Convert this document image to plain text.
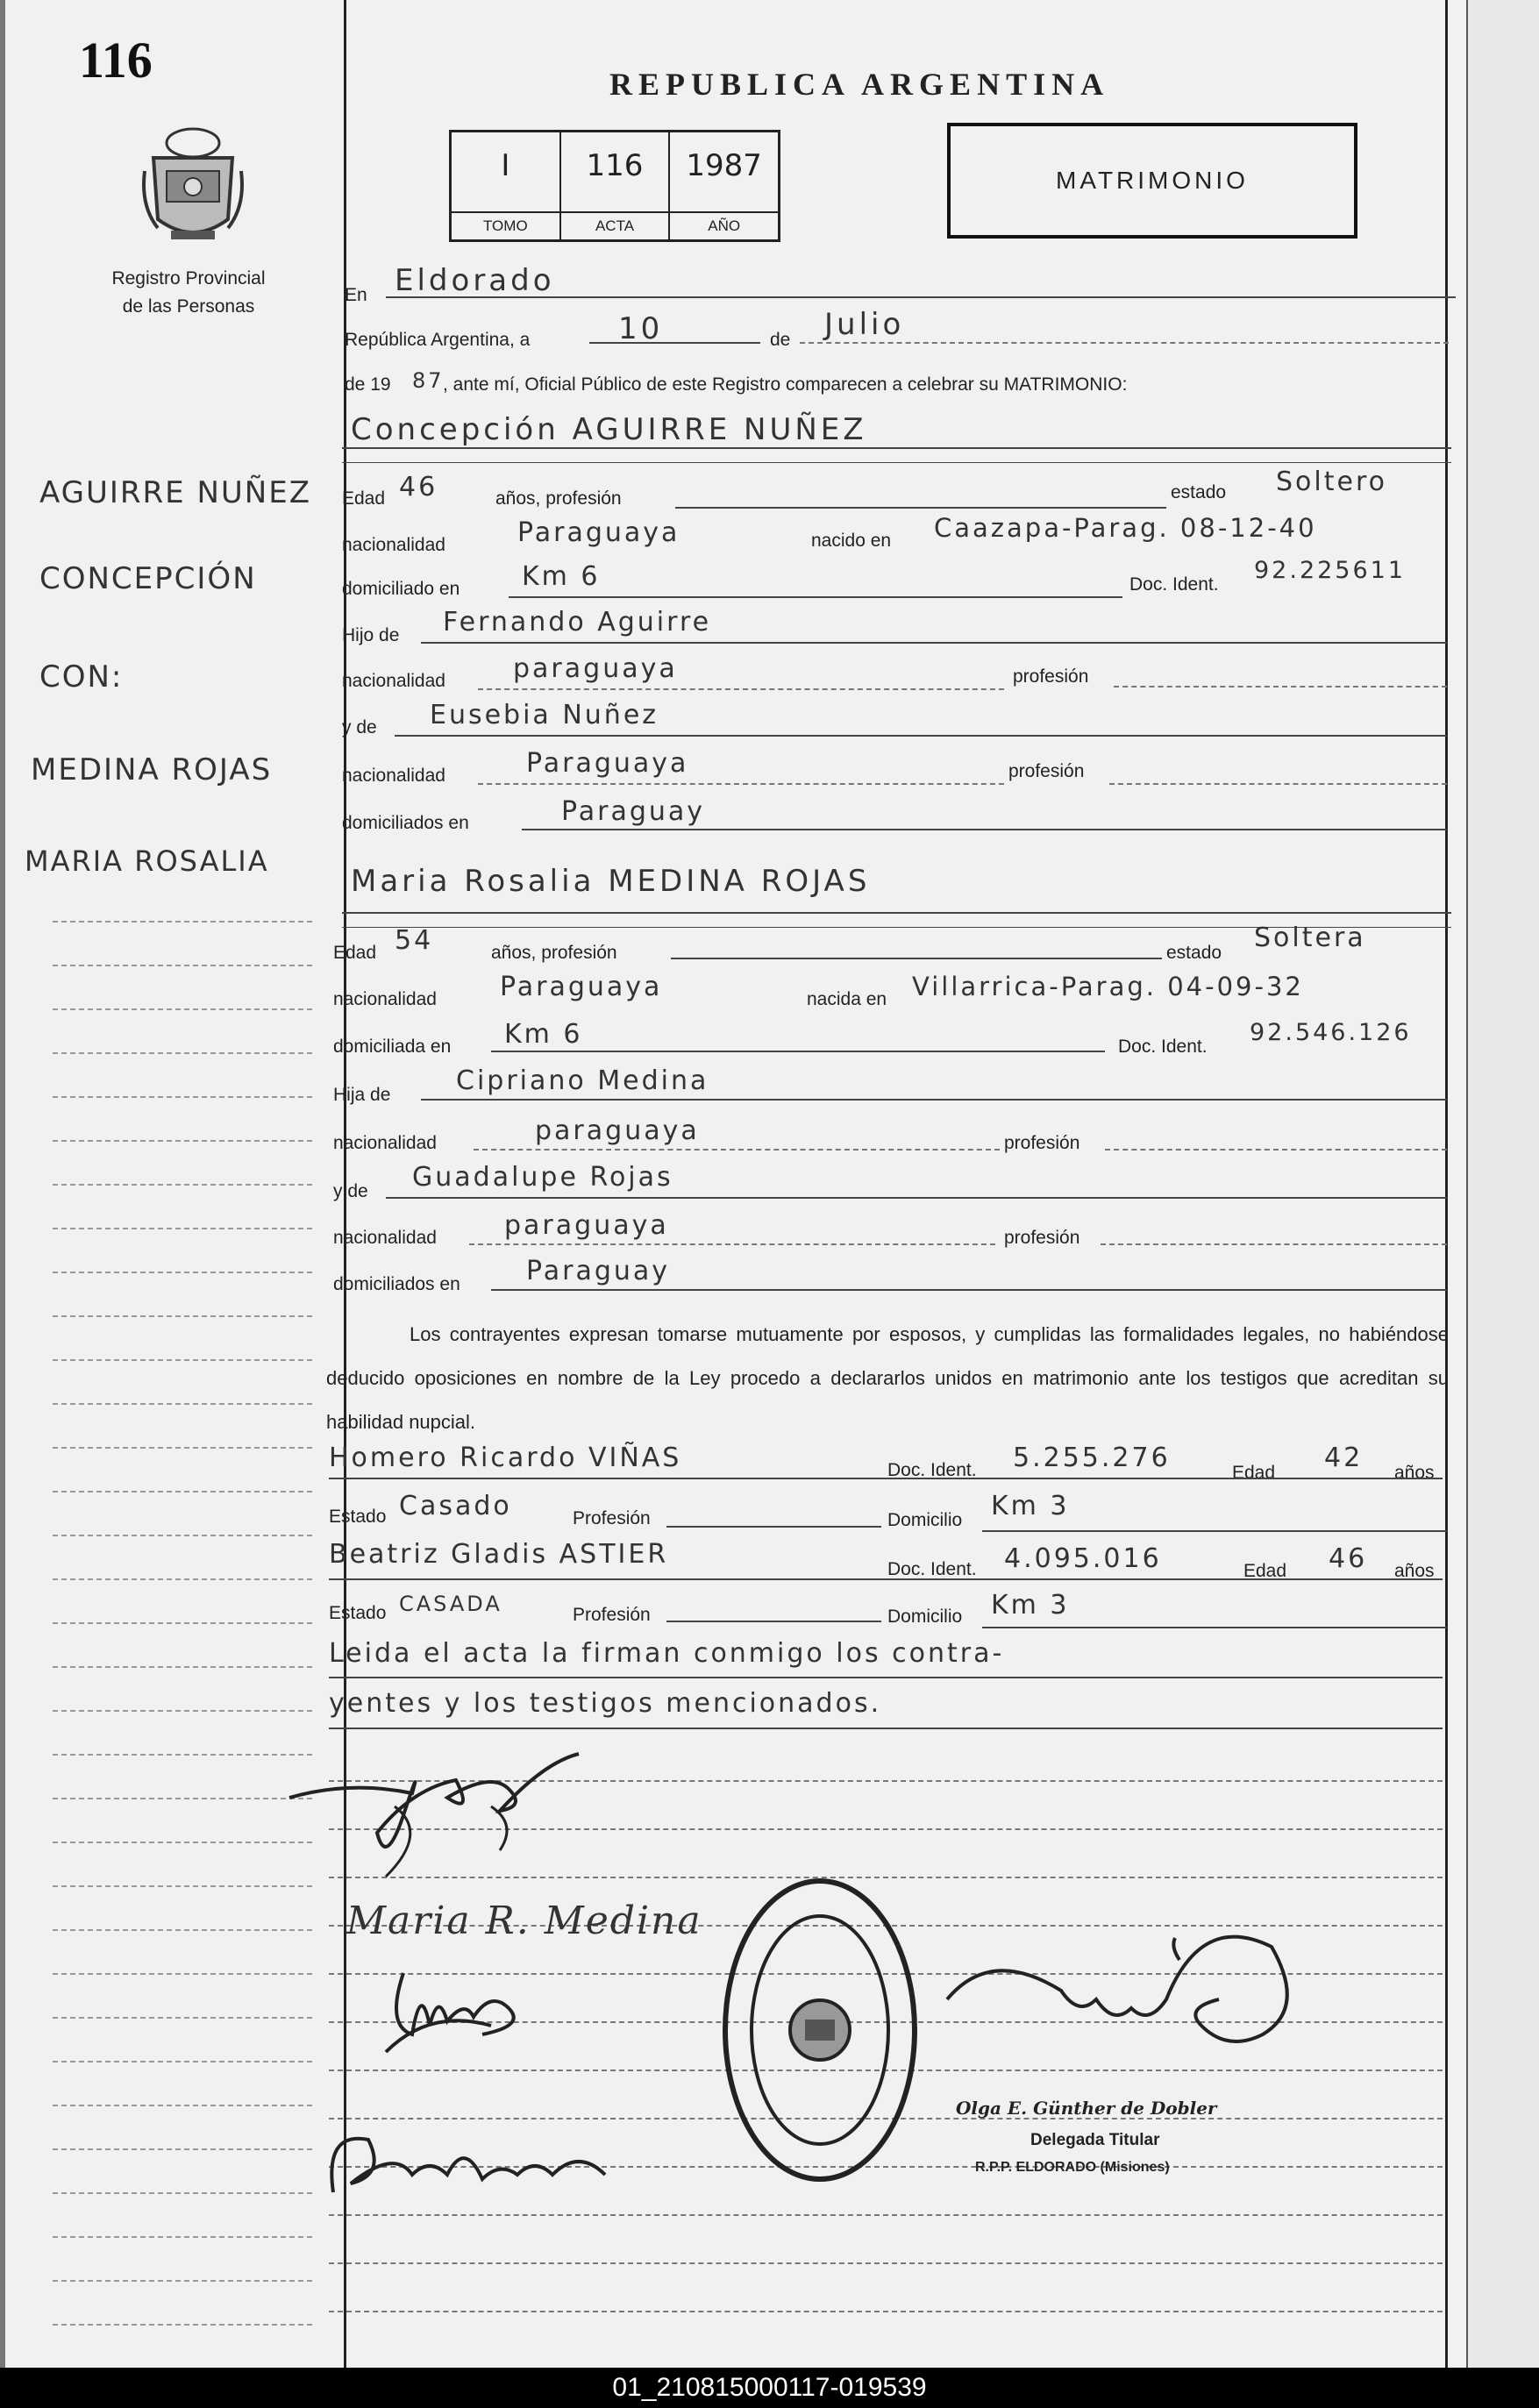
116
Registro Provincial
de las Personas
REPUBLICA ARGENTINA
I
TOMO
116
ACTA
1987
AÑO
MATRIMONIO
AGUIRRE NUÑEZ
CONCEPCIÓN
CON:
MEDINA ROJAS
MARIA ROSALIA
En Eldorado
República Argentina, a	10	de Julio
de 19 87
, ante mí, Oficial Público de este Registro comparecen a celebrar su MATRIMONIO:
Concepción AGUIRRE NUÑEZ
Edad 46	años, profesión	estado Soltero
nacionalidad	Paraguaya	nacido en Caazapa-Parag. 08-12-40
domiciliado en Km 6	Doc. Ident.
92.225611
Hijo de Fernando Aguirre
nacionalidad	paraguaya	profesión
y de Eusebia Nuñez
nacionalidad	Paraguaya	profesión
domiciliados en	Paraguay
Maria Rosalia MEDINA ROJAS
Edad 54	años, profesión	estado Soltera
nacionalidad Paraguaya	nacida en Villarrica-Parag. 04-09-32
domiciliada en Km 6	Doc. Ident.
92.546.126
Hija de Cipriano Medina
nacionalidad	paraguaya	profesión
y de Guadalupe Rojas
nacionalidad	paraguaya	profesión
domiciliados en	Paraguay
Los contrayentes expresan tomarse mutuamente por esposos, y cumplidas las formalidades legales, no habiéndose deducido oposiciones en nombre de la Ley procedo a declararlos unidos en matrimonio ante los testigos que acreditan su habilidad nupcial.
Homero Ricardo VIÑAS	Doc. Ident. 5.255.276	Edad 42 años
Estado Casado	Profesión	Domicilio Km 3
Beatriz Gladis ASTIER	Doc. Ident. 4.095.016	Edad 46 años
Estado CASADA	Profesión	Domicilio Km 3
Leida el acta la firman conmigo los contra-
yentes y los testigos mencionados.
Maria R. Medina
Olga E. Günther de Dobler
Delegada Titular
R.P.P. ELDORADO (Misiones)
01_210815000117-019539
